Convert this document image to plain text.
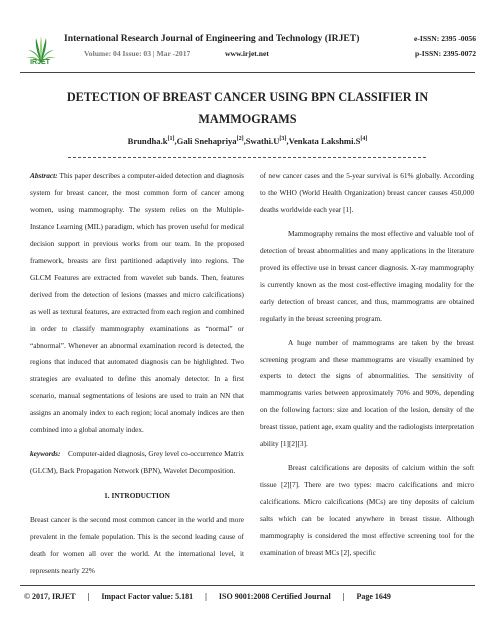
IRJET
International Research Journal of Engineering and Technology (IRJET)	e-ISSN: 2395 -0056
Volume: 04 Issue: 03 | Mar -2017	www.irjet.net	p-ISSN: 2395-0072
DETECTION OF BREAST CANCER USING BPN CLASSIFIER IN MAMMOGRAMS
Brundha.k[1],Gali Snehapriya[2],Swathi.U[3],Venkata Lakshmi.S[4]

Abstract: This paper describes a computer-aided detection and diagnosis system for breast cancer, the most common form of cancer among women, using mammography. The system relies on the Multiple-Instance Learning (MIL) paradigm, which has proven useful for medical decision support in previous works from our team. In the proposed framework, breasts are first partitioned adaptively into regions. The GLCM Features are extracted from wavelet sub bands. Then, features derived from the detection of lesions (masses and micro calcifications) as well as textural features, are extracted from each region and combined in order to classify mammography examinations as “normal” or “abnormal”. Whenever an abnormal examination record is detected, the regions that induced that automated diagnosis can be highlighted. Two strategies are evaluated to define this anomaly detector. In a first scenario, manual segmentations of lesions are used to train an NN that assigns an anomaly index to each region; local anomaly indices are then combined into a global anomaly index.

keywords: Computer-aided diagnosis, Grey level co-occurrence Matrix (GLCM), Back Propagation Network (BPN), Wavelet Decomposition.

1. INTRODUCTION

Breast cancer is the second most common cancer in the world and more prevalent in the female population. This is the second leading cause of death for women all over the world. At the international level, it represents nearly 22%

of new cancer cases and the 5-year survival is 61% globally. According to the WHO (World Health Organization) breast cancer causes 450,000 deaths worldwide each year [1].

Mammography remains the most effective and valuable tool of detection of breast abnormalities and many applications in the literature proved its effective use in breast cancer diagnosis. X-ray mammography is currently known as the most cost-effective imaging modality for the early detection of breast cancer, and thus, mammograms are obtained regularly in the breast screening program.

A huge number of mammograms are taken by the breast screening program and these mammograms are visually examined by experts to detect the signs of abnormalities. The sensitivity of mammograms varies between approximately 70% and 90%, depending on the following factors: size and location of the lesion, density of the breast tissue, patient age, exam quality and the radiologists interpretation ability [1][2][3].

Breast calcifications are deposits of calcium within the soft tissue [2][7]. There are two types: macro calcifications and micro calcifications. Micro calcifications (MCs) are tiny deposits of calcium salts which can be located anywhere in breast tissue. Although mammography is considered the most effective screening tool for the examination of breast MCs [2], specific

© 2017, IRJET | Impact Factor value: 5.181 | ISO 9001:2008 Certified Journal | Page 1649
